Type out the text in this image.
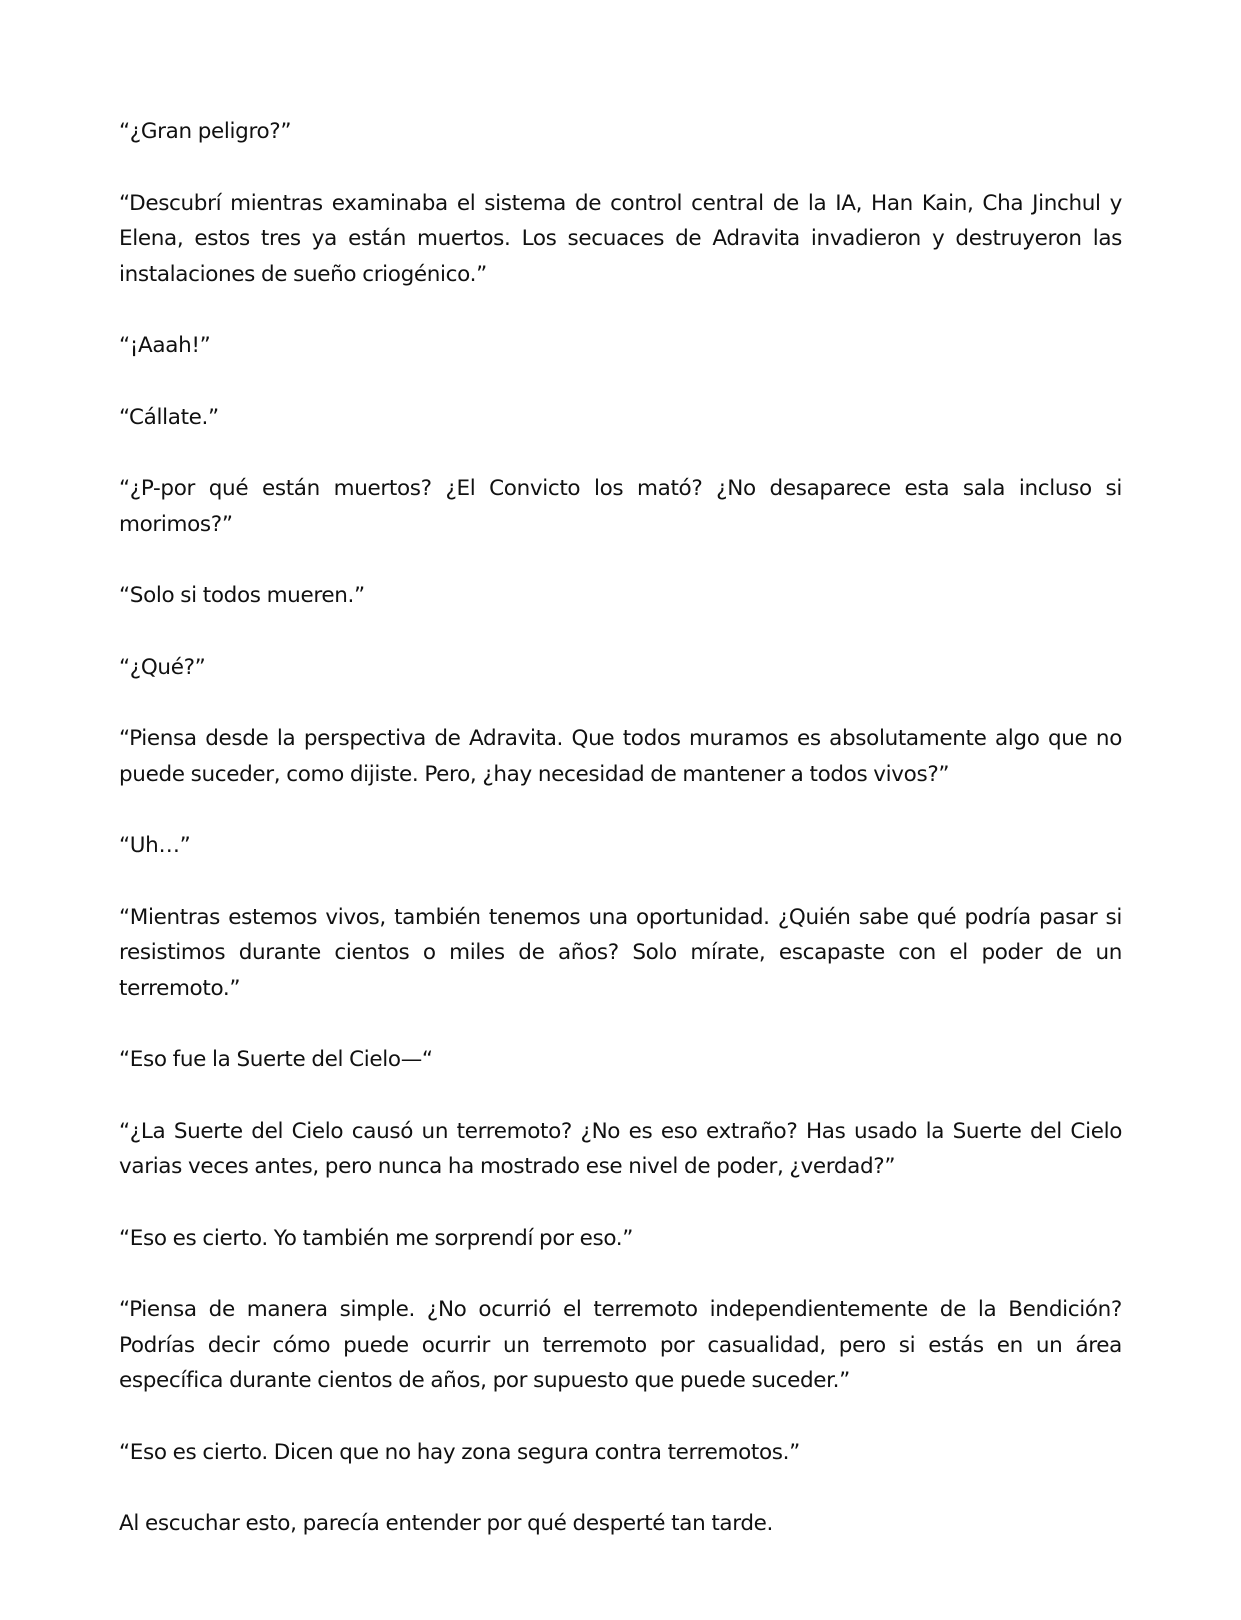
“¿Gran peligro?”

“Descubrí mientras examinaba el sistema de control central de la IA, Han Kain, Cha Jinchul y Elena, estos tres ya están muertos. Los secuaces de Adravita invadieron y destruyeron las instalaciones de sueño criogénico.”

“¡Aaah!”

“Cállate.”

“¿P-por qué están muertos? ¿El Convicto los mató? ¿No desaparece esta sala incluso si morimos?”

“Solo si todos mueren.”

“¿Qué?”

“Piensa desde la perspectiva de Adravita. Que todos muramos es absolutamente algo que no puede suceder, como dijiste. Pero, ¿hay necesidad de mantener a todos vivos?”

“Uh…”

“Mientras estemos vivos, también tenemos una oportunidad. ¿Quién sabe qué podría pasar si resistimos durante cientos o miles de años? Solo mírate, escapaste con el poder de un terremoto.”

“Eso fue la Suerte del Cielo—“

“¿La Suerte del Cielo causó un terremoto? ¿No es eso extraño? Has usado la Suerte del Cielo varias veces antes, pero nunca ha mostrado ese nivel de poder, ¿verdad?”

“Eso es cierto. Yo también me sorprendí por eso.”

“Piensa de manera simple. ¿No ocurrió el terremoto independientemente de la Bendición? Podrías decir cómo puede ocurrir un terremoto por casualidad, pero si estás en un área específica durante cientos de años, por supuesto que puede suceder.”

“Eso es cierto. Dicen que no hay zona segura contra terremotos.”

Al escuchar esto, parecía entender por qué desperté tan tarde.
